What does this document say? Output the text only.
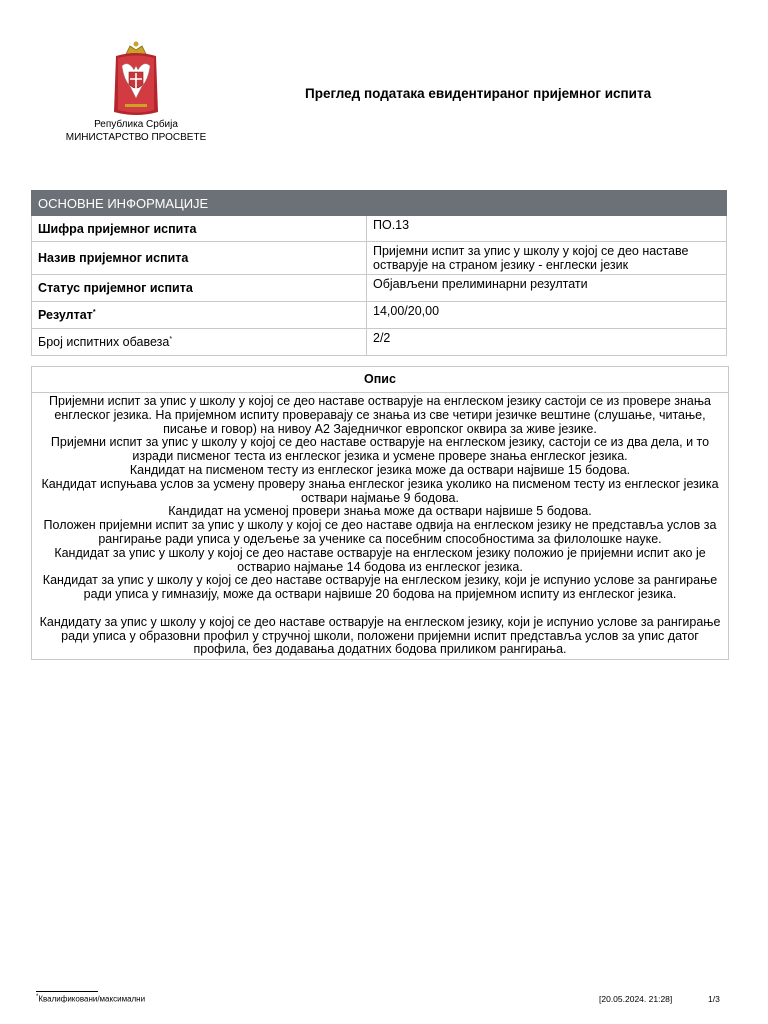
Република Србија
МИНИСТАРСТВО ПРОСВЕТЕ
Преглед података евидентираног пријемног испита
ОСНОВНЕ ИНФОРМАЦИЈЕ	
Шифра пријемног испита	ПО.13
Назив пријемног испита	Пријемни испит за упис у школу у којој се део наставе остварује на страном језику - енглески језик
Статус пријемног испита	Објављени прелиминарни резултати
Резултат*	14,00/20,00
Број испитних обавеза*	2/2
Опис

Пријемни испит за упис у школу у којој се део наставе остварује на енглеском језику састоји се из провере знања енглеског језика. На пријемном испиту проверавају се знања из све четири језичке вештине (слушање, читање, писање и говор) на нивоу А2 Заједничког европског оквира за живе језике.

Пријемни испит за упис у школу у којој се део наставе остварује на енглеском језику, састоји се из два дела, и то изради писменог теста из енглеског језика и усмене провере знања енглеског језика.

Кандидат на писменом тесту из енглеског језика може да оствари највише 15 бодова.

Кандидат испуњава услов за усмену проверу знања енглеског језика уколико на писменом тесту из енглеског језика оствари најмање 9 бодова.

Кандидат на усменој провери знања може да оствари највише 5 бодова.

Положен пријемни испит за упис у школу у којој се део наставе одвија на енглеском језику не представља услов за рангирање ради уписа у одељење за ученике са посебним способностима за филолошке науке.

Кандидат за упис у школу у којој се део наставе остварује на енглеском језику положио је пријемни испит ако је остварио најмање 14 бодова из енглеског језика.

Кандидат за упис у школу у којој се део наставе остварује на енглеском језику, који је испунио услове за рангирање ради уписа у гимназију, може да оствари највише 20 бодова на пријемном испиту из енглеског језика.

Кандидату за упис у школу у којој се део наставе остварује на енглеском језику, који је испунио услове за рангирање ради уписа у образовни профил у стручној школи, положени пријемни испит представља услов за упис датог профила, без додавања додатних бодова приликом рангирања.

*Квалификовани/максимални	[20.05.2024. 21:28]	1/3
